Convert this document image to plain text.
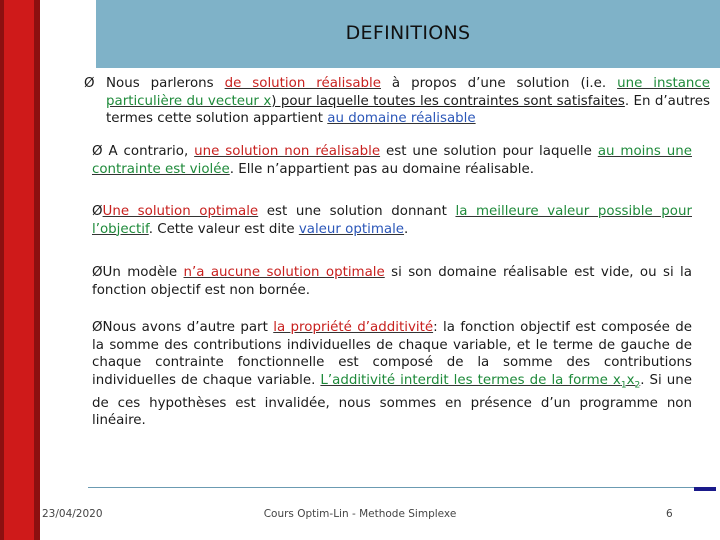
DEFINITIONS

Ø Nous parlerons de solution réalisable à propos d’une solution (i.e. une instance particulière du vecteur x) pour laquelle toutes les contraintes sont satisfaites. En d’autres termes cette solution appartient au domaine réalisable

Ø A contrario, une solution non réalisable est une solution pour laquelle au moins une contrainte est violée. Elle n’appartient pas au domaine réalisable.

ØUne solution optimale est une solution donnant la meilleure valeur possible pour l’objectif. Cette valeur est dite valeur optimale.

ØUn modèle n’a aucune solution optimale si son domaine réalisable est vide, ou si la fonction objectif est non bornée.

ØNous avons d’autre part la propriété d’additivité: la fonction objectif est composée de la somme des contributions individuelles de chaque variable, et le terme de gauche de chaque contrainte fonctionnelle est composé de la somme des contributions individuelles de chaque variable. L’additivité interdit les termes de la forme $x_1x_2$. Si une de ces hypothèses est invalidée, nous sommes en présence d’un programme non linéaire.

23/04/2020	Cours Optim-Lin - Methode Simplexe	6
